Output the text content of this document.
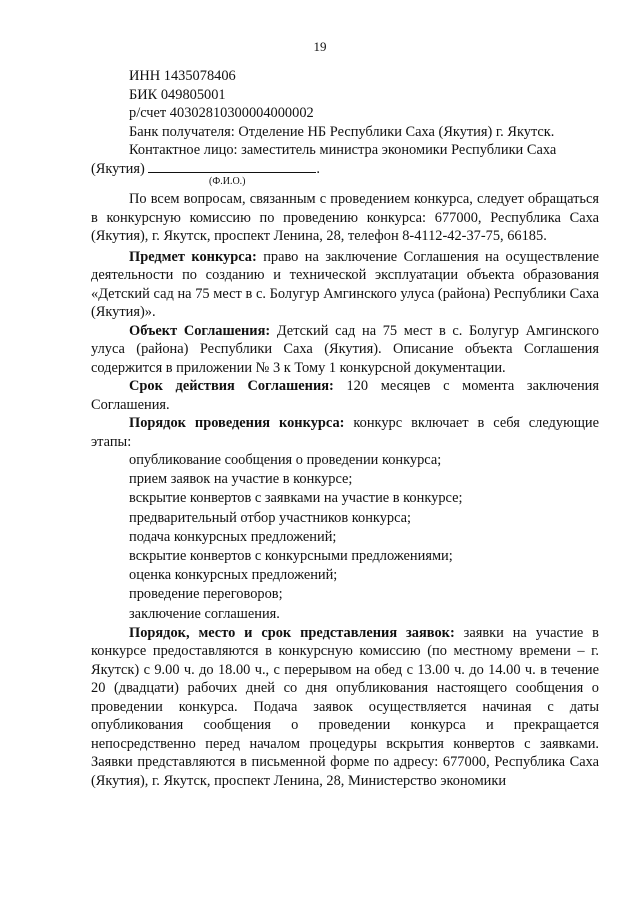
19

ИНН 1435078406

БИК 049805001

р/счет 40302810300004000002

Банк получателя: Отделение НБ Республики Саха (Якутия) г. Якутск.

Контактное лицо: заместитель министра экономики Республики Саха

(Якутия)	.

(Ф.И.О.)

По всем вопросам, связанным с проведением конкурса, следует обращаться в конкурсную комиссию по проведению конкурса: 677000, Республика Саха (Якутия), г. Якутск, проспект Ленина, 28, телефон 8-4112-42-37-75, 66185.

Предмет конкурса: право на заключение Соглашения на осуществление деятельности по созданию и технической эксплуатации объекта образования «Детский сад на 75 мест в с. Болугур Амгинского улуса (района) Республики Саха (Якутия)».

Объект Соглашения: Детский сад на 75 мест в с. Болугур Амгинского улуса (района) Республики Саха (Якутия). Описание объекта Соглашения содержится в приложении № 3 к Тому 1 конкурсной документации.

Срок действия Соглашения: 120 месяцев с момента заключения Соглашения.

Порядок проведения конкурса: конкурс включает в себя следующие этапы:

опубликование сообщения о проведении конкурса;

прием заявок на участие в конкурсе;

вскрытие конвертов с заявками на участие в конкурсе;

предварительный отбор участников конкурса;

подача конкурсных предложений;

вскрытие конвертов с конкурсными предложениями;

оценка конкурсных предложений;

проведение переговоров;

заключение соглашения.

Порядок, место и срок представления заявок: заявки на участие в конкурсе предоставляются в конкурсную комиссию (по местному времени – г. Якутск) с 9.00 ч. до 18.00 ч., с перерывом на обед с 13.00 ч. до 14.00 ч. в течение 20 (двадцати) рабочих дней со дня опубликования настоящего сообщения о проведении конкурса. Подача заявок осуществляется начиная с даты опубликования сообщения о проведении конкурса и прекращается непосредственно перед началом процедуры вскрытия конвертов с заявками. Заявки представляются в письменной форме по адресу: 677000, Республика Саха (Якутия), г. Якутск, проспект Ленина, 28, Министерство экономики
